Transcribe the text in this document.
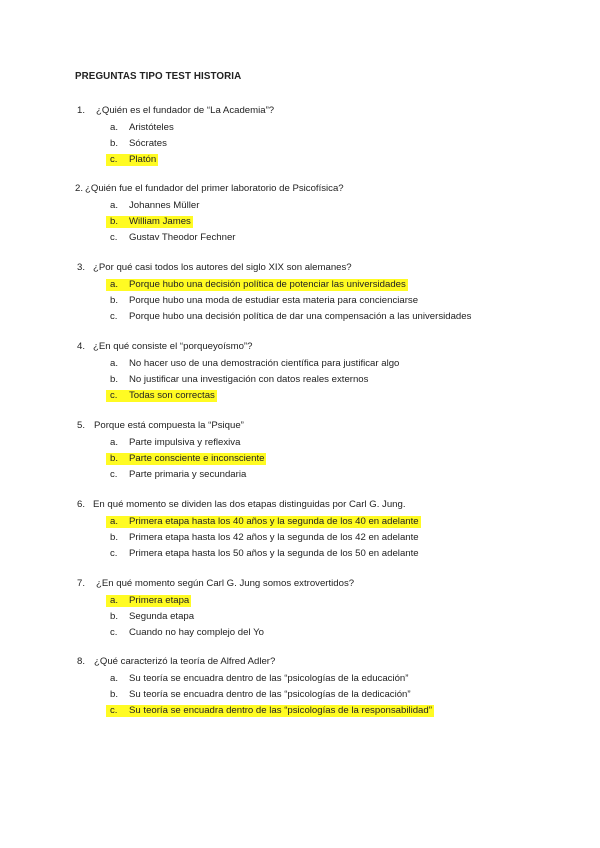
PREGUNTAS TIPO TEST HISTORIA
1. ¿Quién es el fundador de “La Academia”?
a. Aristóteles
b. Sócrates
c. Platón
2. ¿Quién fue el fundador del primer laboratorio de Psicofísica?
a. Johannes Müller
b. William James
c. Gustav Theodor Fechner
3. ¿Por qué casi todos los autores del siglo XIX son alemanes?
a. Porque hubo una decisión política de potenciar las universidades
b. Porque hubo una moda de estudiar esta materia para concienciarse
c. Porque hubo una decisión política de dar una compensación a las universidades
4. ¿En qué consiste el “porqueyoísmo”?
a. No hacer uso de una demostración científica para justificar algo
b. No justificar una investigación con datos reales externos
c. Todas son correctas
5. Porque está compuesta la “Psique”
a. Parte impulsiva y reflexiva
b. Parte consciente e inconsciente
c. Parte primaria y secundaria
6. En qué momento se dividen las dos etapas distinguidas por Carl G. Jung.
a. Primera etapa hasta los 40 años y la segunda de los 40 en adelante
b. Primera etapa hasta los 42 años y la segunda de los 42 en adelante
c. Primera etapa hasta los 50 años y la segunda de los 50 en adelante
7. ¿En qué momento según Carl G. Jung somos extrovertidos?
a. Primera etapa
b. Segunda etapa
c. Cuando no hay complejo del Yo
8. ¿Qué caracterizó la teoría de Alfred Adler?
a. Su teoría se encuadra dentro de las “psicologías de la educación”
b. Su teoría se encuadra dentro de las “psicologías de la dedicación”
c. Su teoría se encuadra dentro de las “psicologías de la responsabilidad”
